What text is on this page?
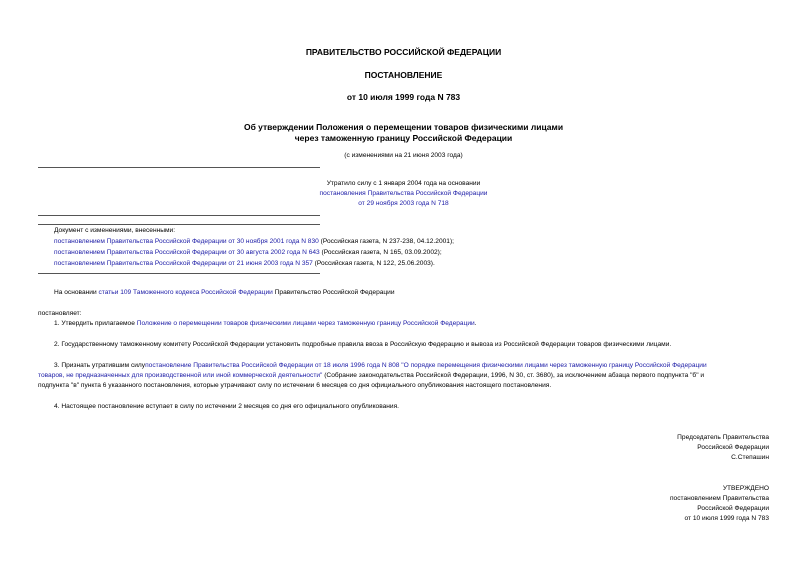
ПРАВИТЕЛЬСТВО РОССИЙСКОЙ ФЕДЕРАЦИИ
ПОСТАНОВЛЕНИЕ
от 10 июля 1999 года N 783
Об утверждении Положения о перемещении товаров физическими лицами
через таможенную границу Российской Федерации
(с изменениями на 21 июня 2003 года)
Утратило силу с 1 января 2004 года на основании
постановления Правительства Российской Федерации
от 29 ноября 2003 года N 718
Документ с изменениями, внесенными:
постановлением Правительства Российской Федерации от 30 ноября 2001 года N 830 (Российская газета, N 237-238, 04.12.2001);
постановлением Правительства Российской Федерации от 30 августа 2002 года N 643 (Российская газета, N 165, 03.09.2002);
постановлением Правительства Российской Федерации от 21 июня 2003 года N 357 (Российская газета, N 122, 25.06.2003).
На основании статьи 109 Таможенного кодекса Российской Федерации Правительство Российской Федерации
постановляет:
1. Утвердить прилагаемое Положение о перемещении товаров физическими лицами через таможенную границу Российской Федерации.
2. Государственному таможенному комитету Российской Федерации установить подробные правила ввоза в Российскую Федерацию и вывоза из Российской Федерации товаров физическими лицами.
3. Признать утратившим силупостановление Правительства Российской Федерации от 18 июля 1996 года N 808 "О порядке перемещения физическими лицами через таможенную границу Российской Федерации
товаров, не предназначенных для производственной или иной коммерческой деятельности" (Собрание законодательства Российской Федерации, 1996, N 30, ст. 3680), за исключением абзаца первого подпункта "б" и
подпункта "в" пункта 6 указанного постановления, которые утрачивают силу по истечении 6 месяцев со дня официального опубликования настоящего постановления.
4. Настоящее постановление вступает в силу по истечении 2 месяцев со дня его официального опубликования.
Председатель Правительства
Российской Федерации
С.Степашин
УТВЕРЖДЕНО
постановлением Правительства
Российской Федерации
от 10 июля 1999 года N 783
